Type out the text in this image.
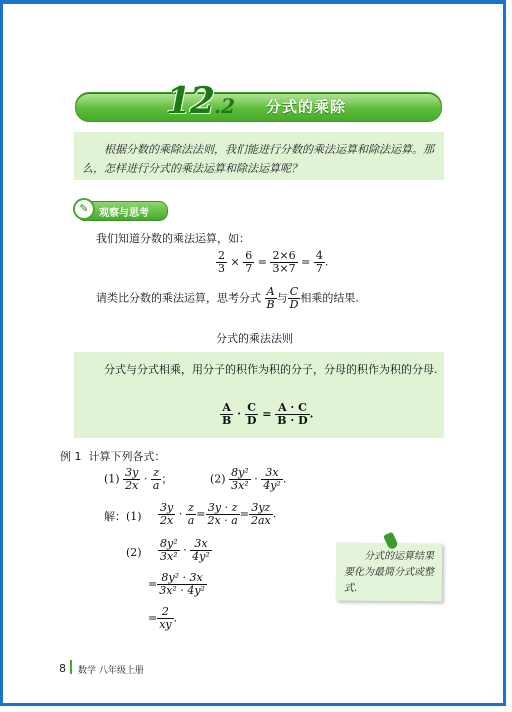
12.2 分式的乘除

根据分数的乘除法法则，我们能进行分数的乘法运算和除法运算。那么，怎样进行分式的乘法运算和除法运算呢？

✎	观察与思考
我们知道分数的乘法运算，如：
$\frac{2}{3} \times \frac{6}{7} = \frac{2\times 6}{3\times 7} = \frac{4}{7}$ .
请类比分数的乘法运算，思考分式 $\frac{A}{B}$ 与 $\frac{C}{D}$ 相乘的结果.
分式的乘法法则

分式与分式相乘，用分子的积作为积的分子，分母的积作为积的分母.

$\frac{A}{B} \cdot \frac{C}{D} = \frac{A \cdot C}{B \cdot D}$ .
例 1 计算下列各式：
$(1) \frac{3y}{2x} \cdot \frac{z}{a}$ ；	$(2) \frac{\text{8y²}}{\text{3x²}} \cdot \frac{3x}{\text{4y²}}$ .
解：$(1) \frac{3y}{2x} \cdot \frac{z}{a} = \frac{3y \cdot z}{2x \cdot a} = \frac{3yz}{2ax}$ .
$(2) \frac{\text{8y²}}{\text{3x²}} \cdot \frac{3x}{\text{4y²}}$
= $\frac{\text{8y² · 3x}}{\text{3x² · 4y²}}$
= $\frac{2}{xy}$ .

分式的运算结果要化为最简分式或整式.

8 数学 八年级上册
